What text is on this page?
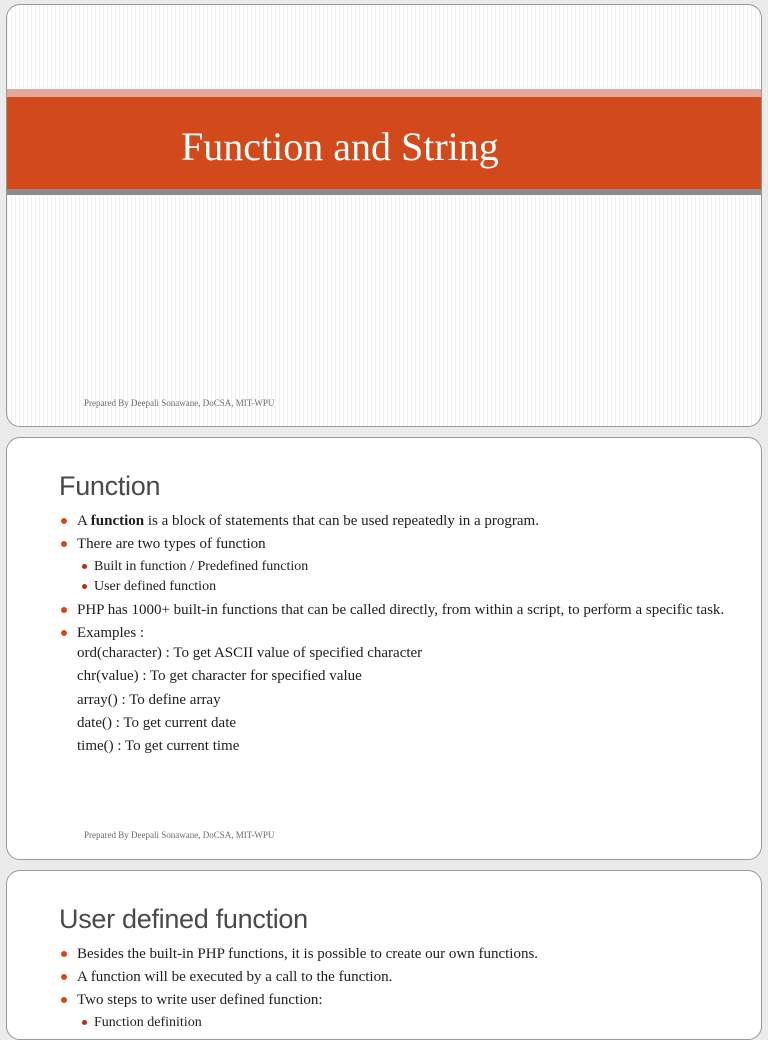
Function and String
Prepared By Deepali Sonawane, DoCSA, MIT-WPU
Function
A function is a block of statements that can be used repeatedly in a program.
There are two types of function
Built in function / Predefined function
User defined function
PHP has 1000+ built-in functions that can be called directly, from within a script, to perform a specific task.
Examples :
ord(character) : To get ASCII value of specified character
chr(value) : To get character for specified value
array() : To define array
date() : To get current date
time() : To get current time
Prepared By Deepali Sonawane, DoCSA, MIT-WPU
User defined function
Besides the built-in PHP functions, it is possible to create our own functions.
A function will be executed by a call to the function.
Two steps to write user defined function:
Function definition
